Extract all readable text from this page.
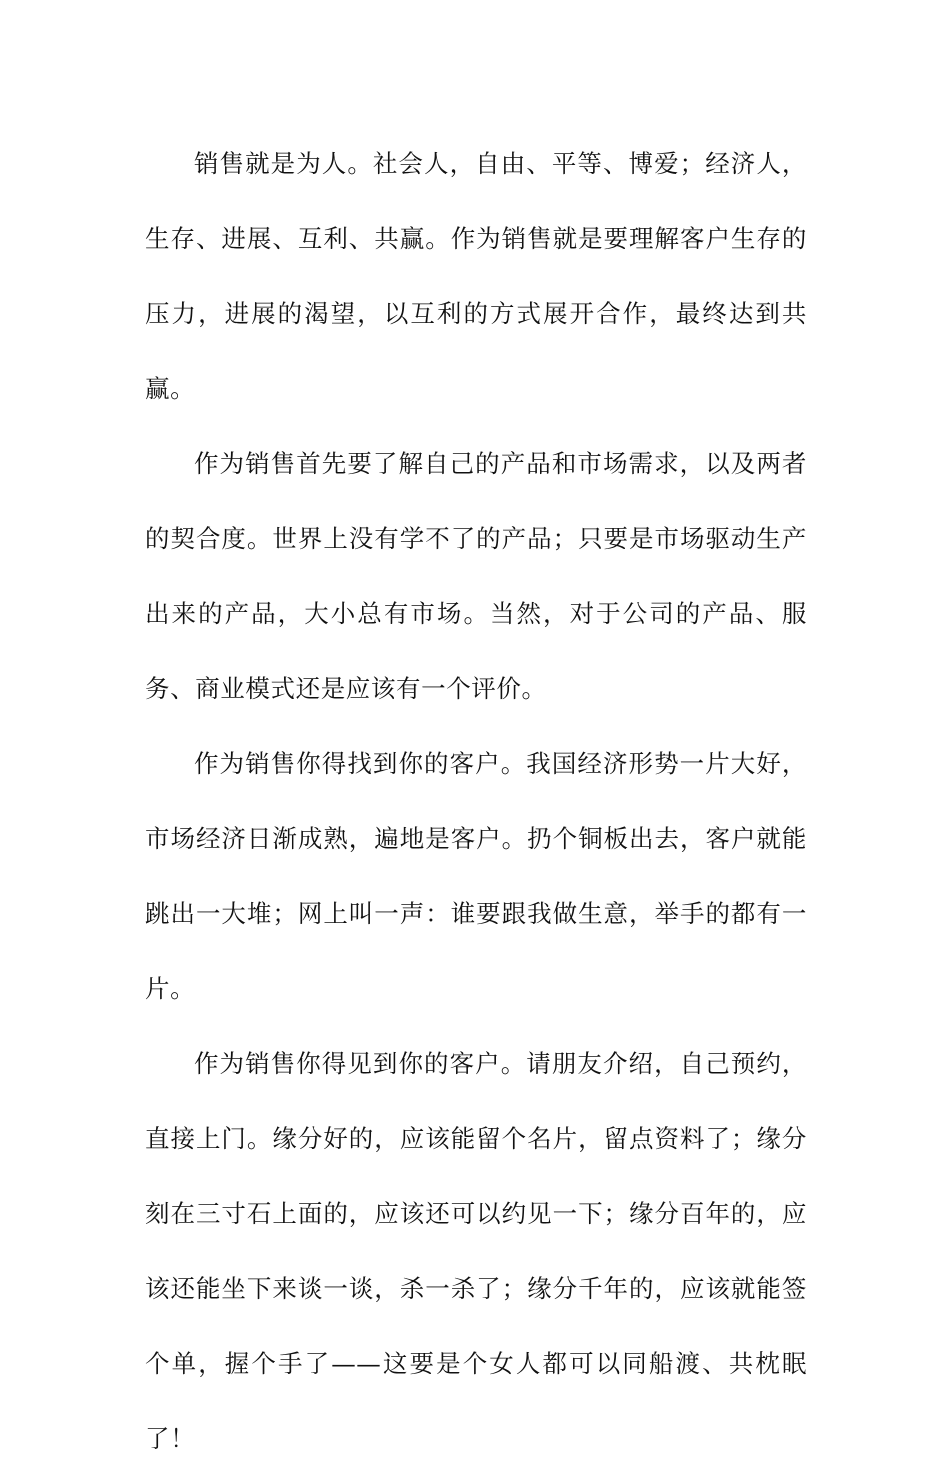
销售就是为人。社会人，自由、平等、博爱；经济人，生存、进展、互利、共赢。作为销售就是要理解客户生存的压力，进展的渴望，以互利的方式展开合作，最终达到共赢。

作为销售首先要了解自己的产品和市场需求，以及两者的契合度。世界上没有学不了的产品；只要是市场驱动生产出来的产品，大小总有市场。当然，对于公司的产品、服务、商业模式还是应该有一个评价。

作为销售你得找到你的客户。我国经济形势一片大好，市场经济日渐成熟，遍地是客户。扔个铜板出去，客户就能跳出一大堆；网上叫一声：谁要跟我做生意，举手的都有一片。

作为销售你得见到你的客户。请朋友介绍，自己预约，直接上门。缘分好的，应该能留个名片，留点资料了；缘分刻在三寸石上面的，应该还可以约见一下；缘分百年的，应该还能坐下来谈一谈，杀一杀了；缘分千年的，应该就能签个单，握个手了——这要是个女人都可以同船渡、共枕眠了！
